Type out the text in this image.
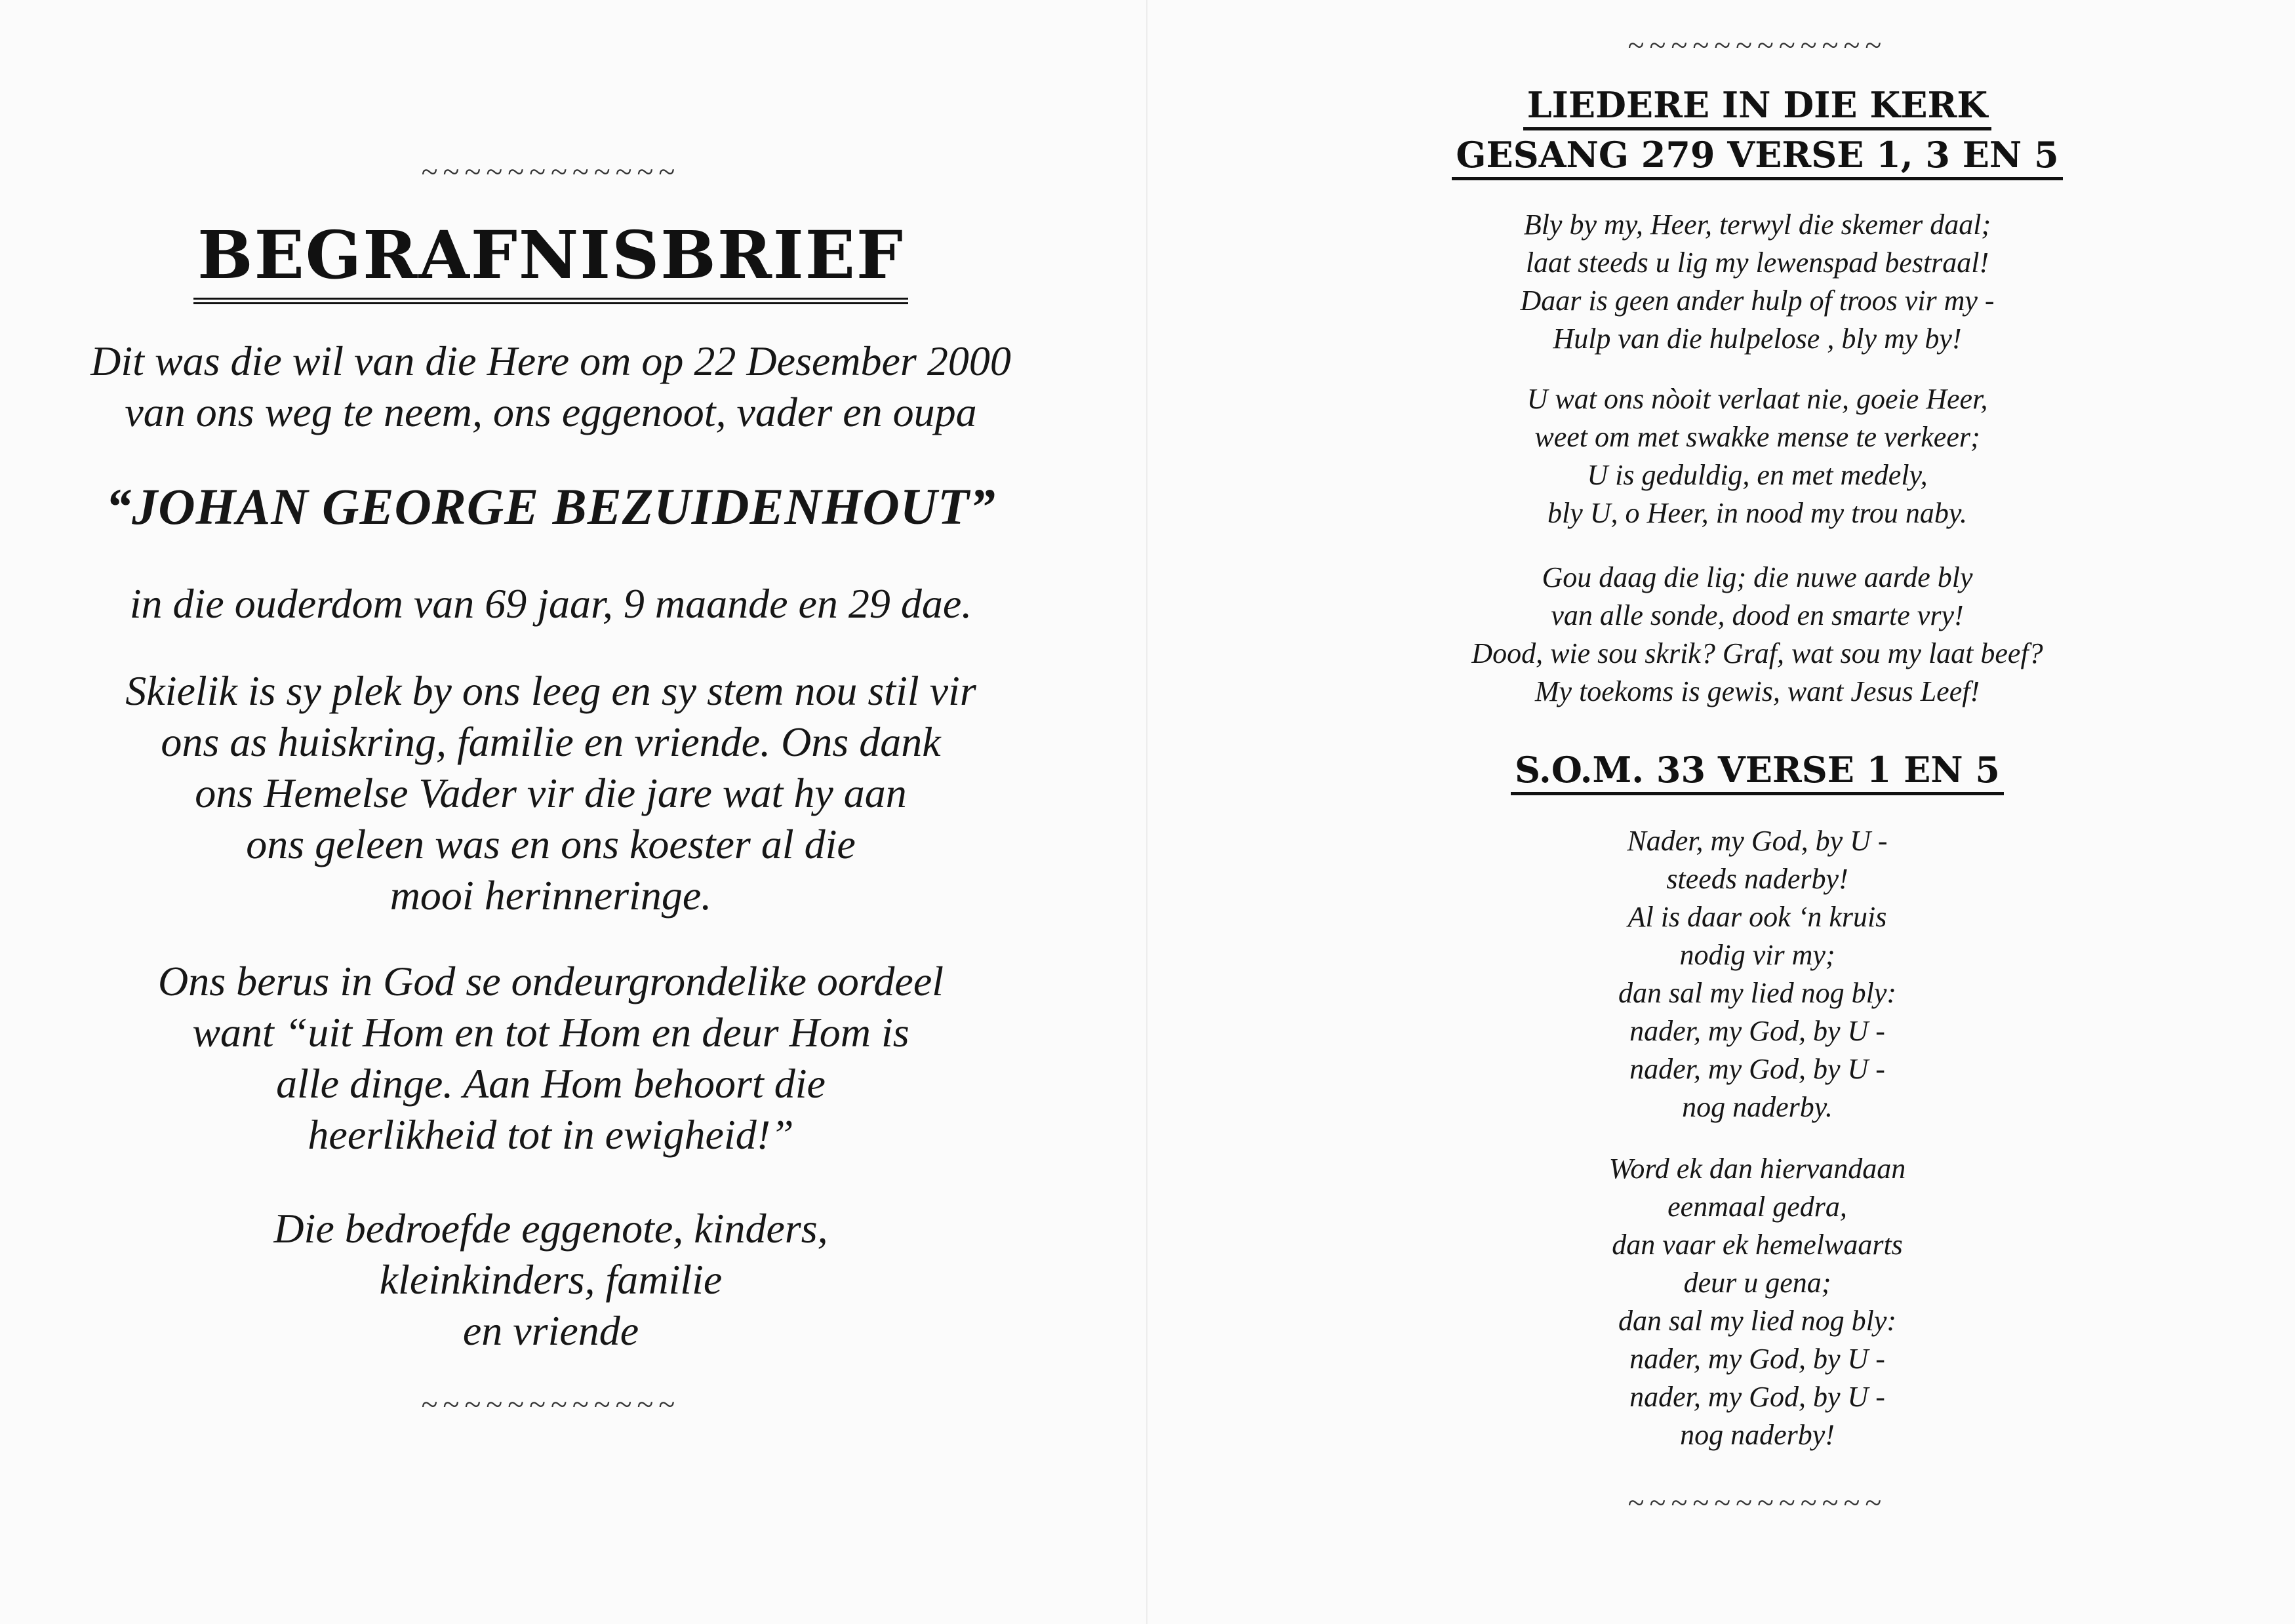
~~~~~~~~~~~~
BEGRAFNISBRIEF
Dit was die wil van die Here om op 22 Desember 2000
van ons weg te neem, ons eggenoot, vader en oupa
“JOHAN GEORGE BEZUIDENHOUT”
in die ouderdom van 69 jaar, 9 maande en 29 dae.
Skielik is sy plek by ons leeg en sy stem nou stil vir
ons as huiskring, familie en vriende. Ons dank
ons Hemelse Vader vir die jare wat hy aan
ons geleen was en ons koester al die
mooi herinneringe.
Ons berus in God se ondeurgrondelike oordeel
want “uit Hom en tot Hom en deur Hom is
alle dinge. Aan Hom behoort die
heerlikheid tot in ewigheid!”
Die bedroefde eggenote, kinders,
kleinkinders, familie
en vriende
~~~~~~~~~~~~
~~~~~~~~~~~~
LIEDERE IN DIE KERK
GESANG 279 VERSE 1, 3 EN 5
Bly by my, Heer, terwyl die skemer daal;
laat steeds u lig my lewenspad bestraal!
Daar is geen ander hulp of troos vir my -
Hulp van die hulpelose , bly my by!
U wat ons nòoit verlaat nie, goeie Heer,
weet om met swakke mense te verkeer;
U is geduldig, en met medely,
bly U, o Heer, in nood my trou naby.
Gou daag die lig; die nuwe aarde bly
van alle sonde, dood en smarte vry!
Dood, wie sou skrik? Graf, wat sou my laat beef?
My toekoms is gewis, want Jesus Leef!
S.O.M. 33 VERSE 1 EN 5
Nader, my God, by U -
steeds naderby!
Al is daar ook ‘n kruis
nodig vir my;
dan sal my lied nog bly:
nader, my God, by U -
nader, my God, by U -
nog naderby.
Word ek dan hiervandaan
eenmaal gedra,
dan vaar ek hemelwaarts
deur u gena;
dan sal my lied nog bly:
nader, my God, by U -
nader, my God, by U -
nog naderby!
~~~~~~~~~~~~
